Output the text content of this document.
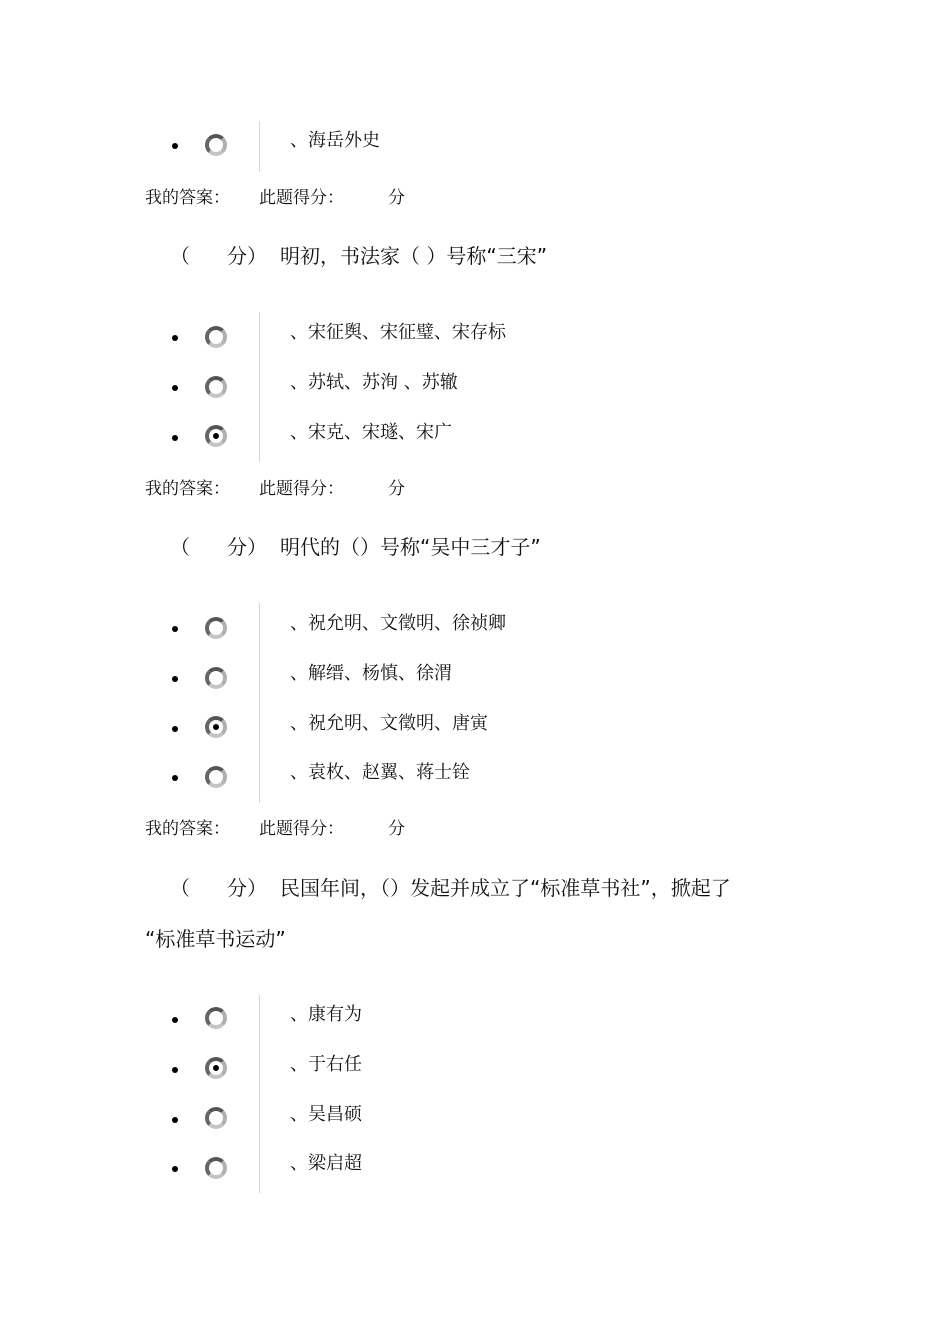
、海岳外史
我的答案： 此题得分：	分
（ 分） 明初，书法家（ ）号称“三宋”
、宋征舆、宋征璧、宋存标
、苏轼、苏洵 、苏辙
、宋克、宋璲、宋广
我的答案： 此题得分：	分
（ 分） 明代的（）号称“吴中三才子”
、祝允明、文徵明、徐祯卿
、解缙、杨慎、徐渭
、祝允明、文徵明、唐寅
、袁枚、赵翼、蒋士铨
我的答案： 此题得分：	分
（ 分） 民国年间，（）发起并成立了“标准草书社”，掀起了
“标准草书运动”
、康有为
、于右任
、吴昌硕
、梁启超
